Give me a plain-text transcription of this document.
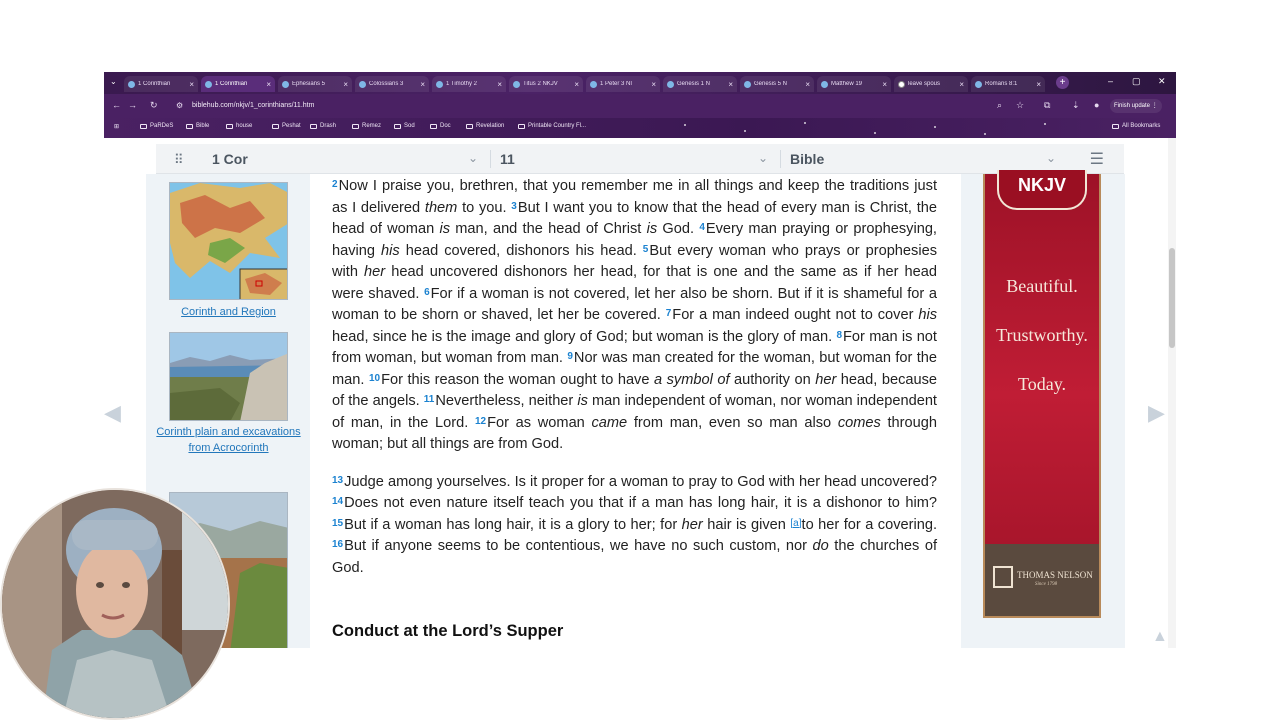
⌄	1 Corinthian	×	1 Corinthian	×	Ephesians 5	×	Colossians 3	×	1 Timothy 2	×	Titus 2 NKJV	×	1 Peter 3 NI	×	Genesis 1 N	×	Genesis 5 N	×	Matthew 19	×	leave spous	×	Romans 8:1	×	+	– ▢ ✕
← → ↻ ⚙ biblehub.com/nkjv/1_corinthians/11.htm	⌕ ☆ ⧉ ⇣ ●	Finish update ⋮
⊞	PaRDeS	Bible	house	Peshat	Drash	Remez	Sod	Doc	Revelation	Printable Country Fl...	All Bookmarks
◀	▶
⠿ 1 Cor	⌄ 11	⌄ Bible	⌄ ☰
Corinth and Region
Corinth plain and excavations from Acrocorinth

$^2$Now I praise you, brethren, that you remember me in all things and keep the traditions just as I delivered them to you. $^3$But I want you to know that the head of every man is Christ, the head of woman is man, and the head of Christ is God. $^4$Every man praying or prophesying, having his head covered, dishonors his head. $^5$But every woman who prays or prophesies with her head uncovered dishonors her head, for that is one and the same as if her head were shaved. $^6$For if a woman is not covered, let her also be shorn. But if it is shameful for a woman to be shorn or shaved, let her be covered. $^7$For a man indeed ought not to cover his head, since he is the image and glory of God; but woman is the glory of man. $^8$For man is not from woman, but woman from man. $^9$Nor was man created for the woman, but woman for the man. $^{10}$For this reason the woman ought to have a symbol of authority on her head, because of the angels. $^{11}$Nevertheless, neither is man independent of woman, nor woman independent of man, in the Lord. $^{12}$For as woman came from man, even so man also comes through woman; but all things are from God.

$^{13}$Judge among yourselves. Is it proper for a woman to pray to God with her head uncovered? $^{14}$Does not even nature itself teach you that if a man has long hair, it is a dishonor to him? $^{15}$But if a woman has long hair, it is a glory to her; for her hair is given [a]to her for a covering. $^{16}$But if anyone seems to be contentious, we have no such custom, nor do the churches of God.

Conduct at the Lord’s Supper
NKJV
Beautiful.
Trustworthy.
Today.
THOMAS NELSON
Since 1798
▲
